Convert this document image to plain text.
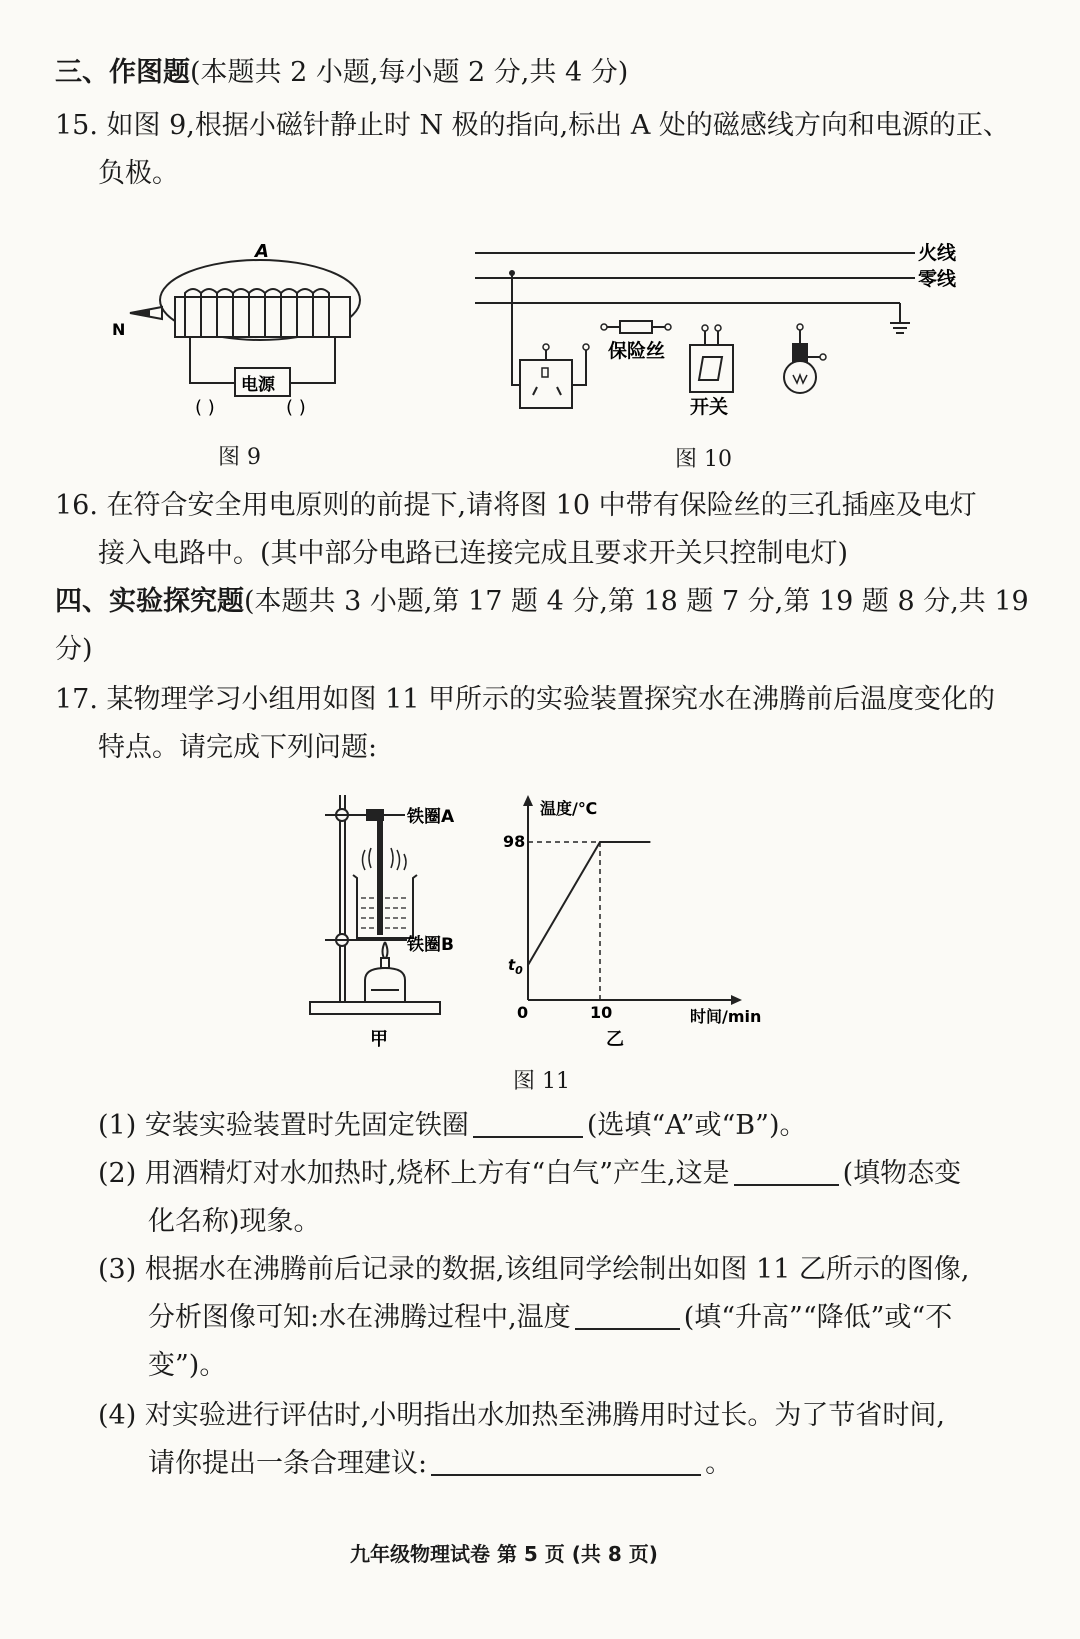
三、作图题(本题共 2 小题,每小题 2 分,共 4 分)
15. 如图 9,根据小磁针静止时 N 极的指向,标出 A 处的磁感线方向和电源的正、
负极。
A
N
电源
( )	( )
图 9
火线
零线
保险丝
开关
图 10
16. 在符合安全用电原则的前提下,请将图 10 中带有保险丝的三孔插座及电灯
接入电路中。(其中部分电路已连接完成且要求开关只控制电灯)
四、实验探究题(本题共 3 小题,第 17 题 4 分,第 18 题 7 分,第 19 题 8 分,共 19
分)
17. 某物理学习小组用如图 11 甲所示的实验装置探究水在沸腾前后温度变化的
特点。请完成下列问题:
铁圈A
铁圈B
甲
温度/℃
时间/min
0
98
$t_0$
10
乙
图 11
(1) 安装实验装置时先固定铁圈	(选填“A”或“B”)。
(2) 用酒精灯对水加热时,烧杯上方有“白气”产生,这是	(填物态变
化名称)现象。
(3) 根据水在沸腾前后记录的数据,该组同学绘制出如图 11 乙所示的图像,
分析图像可知:水在沸腾过程中,温度	(填“升高”“降低”或“不
变”)。
(4) 对实验进行评估时,小明指出水加热至沸腾用时过长。为了节省时间,
请你提出一条合理建议:	。
九年级物理试卷 第 5 页 (共 8 页)
